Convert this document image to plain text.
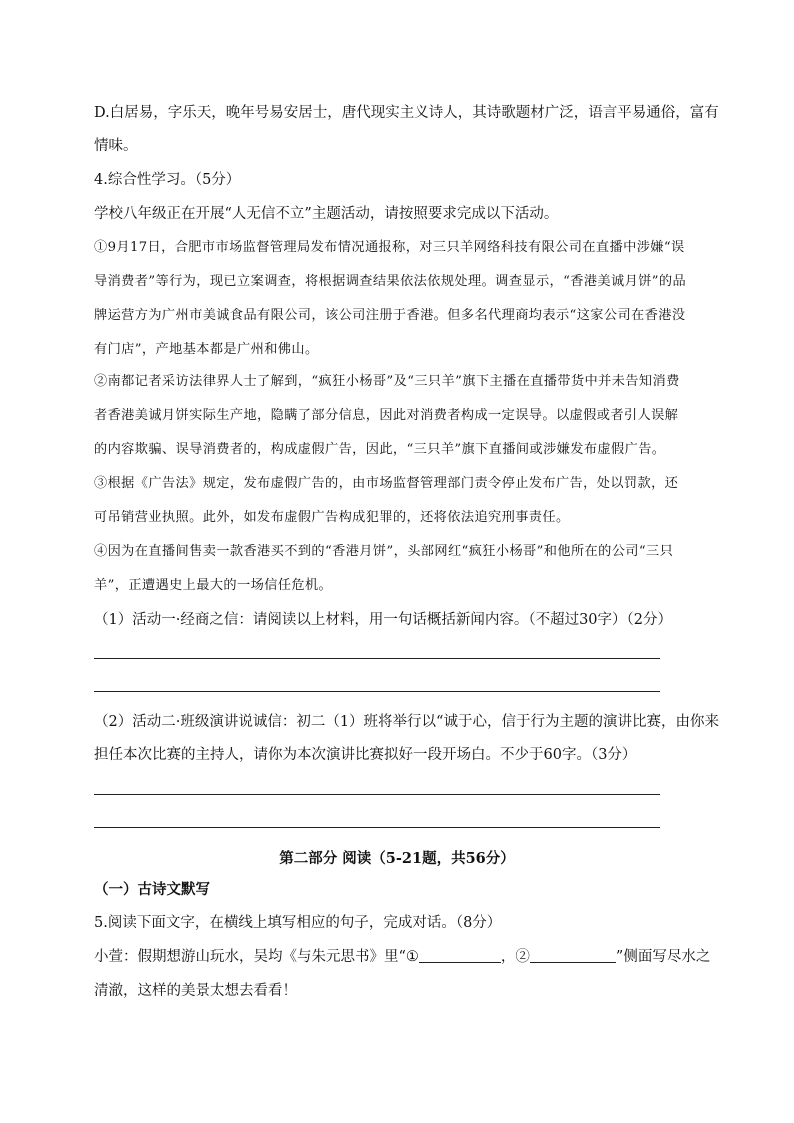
D.白居易，字乐天，晚年号易安居士，唐代现实主义诗人，其诗歌题材广泛，语言平易通俗，富有
情味。
4.综合性学习。（5分）
学校八年级正在开展“人无信不立”主题活动，请按照要求完成以下活动。
①9月17日，合肥市市场监督管理局发布情况通报称，对三只羊网络科技有限公司在直播中涉嫌“误
导消费者”等行为，现已立案调查，将根据调查结果依法依规处理。调查显示，“香港美诚月饼”的品
牌运营方为广州市美诚食品有限公司，该公司注册于香港。但多名代理商均表示“这家公司在香港没
有门店”，产地基本都是广州和佛山。
②南都记者采访法律界人士了解到，“疯狂小杨哥”及“三只羊”旗下主播在直播带货中并未告知消费
者香港美诚月饼实际生产地，隐瞒了部分信息，因此对消费者构成一定误导。以虚假或者引人误解
的内容欺骗、误导消费者的，构成虚假广告，因此，“三只羊”旗下直播间或涉嫌发布虚假广告。
③根据《广告法》规定，发布虚假广告的，由市场监督管理部门责令停止发布广告，处以罚款，还
可吊销营业执照。此外，如发布虚假广告构成犯罪的，还将依法追究刑事责任。
④因为在直播间售卖一款香港买不到的“香港月饼”，头部网红“疯狂小杨哥”和他所在的公司“三只
羊”，正遭遇史上最大的一场信任危机。
（1）活动一·经商之信：请阅读以上材料，用一句话概括新闻内容。（不超过30字）（2分）
（2）活动二·班级演讲说诚信：初二（1）班将举行以“诚于心，信于行为主题的演讲比赛，由你来
担任本次比赛的主持人，请你为本次演讲比赛拟好一段开场白。不少于60字。（3分）
第二部分 阅读（5-21题，共56分）
（一）古诗文默写
5.阅读下面文字，在横线上填写相应的句子，完成对话。（8分）
小萱：假期想游山玩水，吴均《与朱元思书》里“①	，②	”侧面写尽水之
清澈，这样的美景太想去看看！
